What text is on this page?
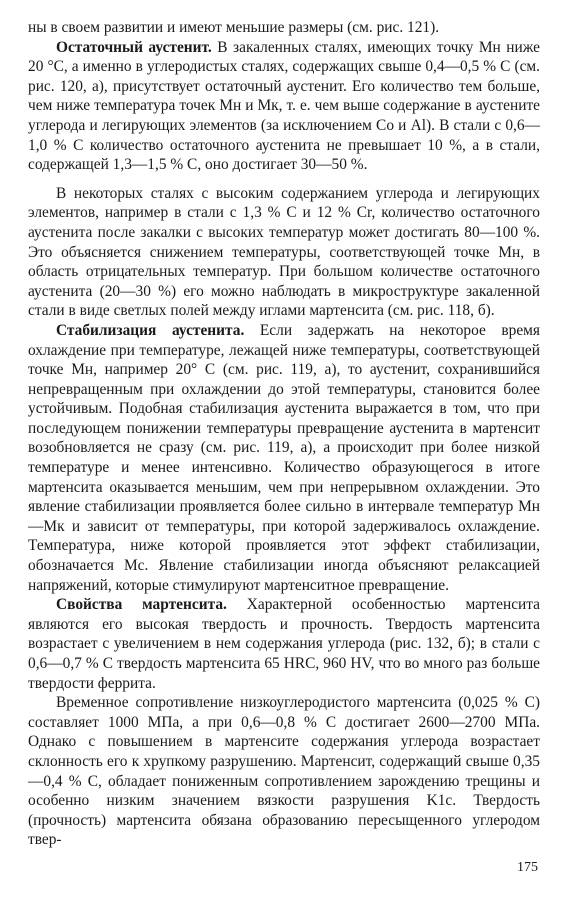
ны в своем развитии и имеют меньшие размеры (см. рис. 121).

Остаточный аустенит. В закаленных сталях, имеющих точку Mн ниже 20 °С, а именно в углеродистых сталях, содержащих свыше 0,4—0,5 % С (см. рис. 120, а), присутствует остаточный аустенит. Его количество тем больше, чем ниже температура точек Mн и Mк, т. е. чем выше содержание в аустените углерода и легирующих элементов (за исключением Со и Al). В стали с 0,6—1,0 % С количество остаточного аустенита не превышает 10 %, а в стали, содержащей 1,3—1,5 % С, оно достигает 30—50 %.

В некоторых сталях с высоким содержанием углерода и легирующих элементов, например в стали с 1,3 % С и 12 % Cr, количество остаточного аустенита после закалки с высоких температур может достигать 80—100 %. Это объясняется снижением температуры, соответствующей точке Mн, в область отрицательных температур. При большом количестве остаточного аустенита (20—30 %) его можно наблюдать в микроструктуре закаленной стали в виде светлых полей между иглами мартенсита (см. рис. 118, б).

Стабилизация аустенита. Если задержать на некоторое время охлаждение при температуре, лежащей ниже температуры, соответствующей точке Mн, например 20° С (см. рис. 119, а), то аустенит, сохранившийся непревращенным при охлаждении до этой температуры, становится более устойчивым. Подобная стабилизация аустенита выражается в том, что при последующем понижении температуры превращение аустенита в мартенсит возобновляется не сразу (см. рис. 119, а), а происходит при более низкой температуре и менее интенсивно. Количество образующегося в итоге мартенсита оказывается меньшим, чем при непрерывном охлаждении. Это явление стабилизации проявляется более сильно в интервале температур Mн—Mк и зависит от температуры, при которой задерживалось охлаждение. Температура, ниже которой проявляется этот эффект стабилизации, обозначается Mс. Явление стабилизации иногда объясняют релаксацией напряжений, которые стимулируют мартенситное превращение.

Свойства мартенсита. Характерной особенностью мартенсита являются его высокая твердость и прочность. Твердость мартенсита возрастает с увеличением в нем содержания углерода (рис. 132, б); в стали с 0,6—0,7 % С твердость мартенсита 65 HRC, 960 HV, что во много раз больше твердости феррита.

Временное сопротивление низкоуглеродистого мартенсита (0,025 % С) составляет 1000 МПа, а при 0,6—0,8 % С достигает 2600—2700 МПа. Однако с повышением в мартенсите содержания углерода возрастает склонность его к хрупкому разрушению. Мартенсит, содержащий свыше 0,35—0,4 % С, обладает пониженным сопротивлением зарождению трещины и особенно низким значением вязкости разрушения K1с. Твердость (прочность) мартенсита обязана образованию пересыщенного углеродом твер-

175
